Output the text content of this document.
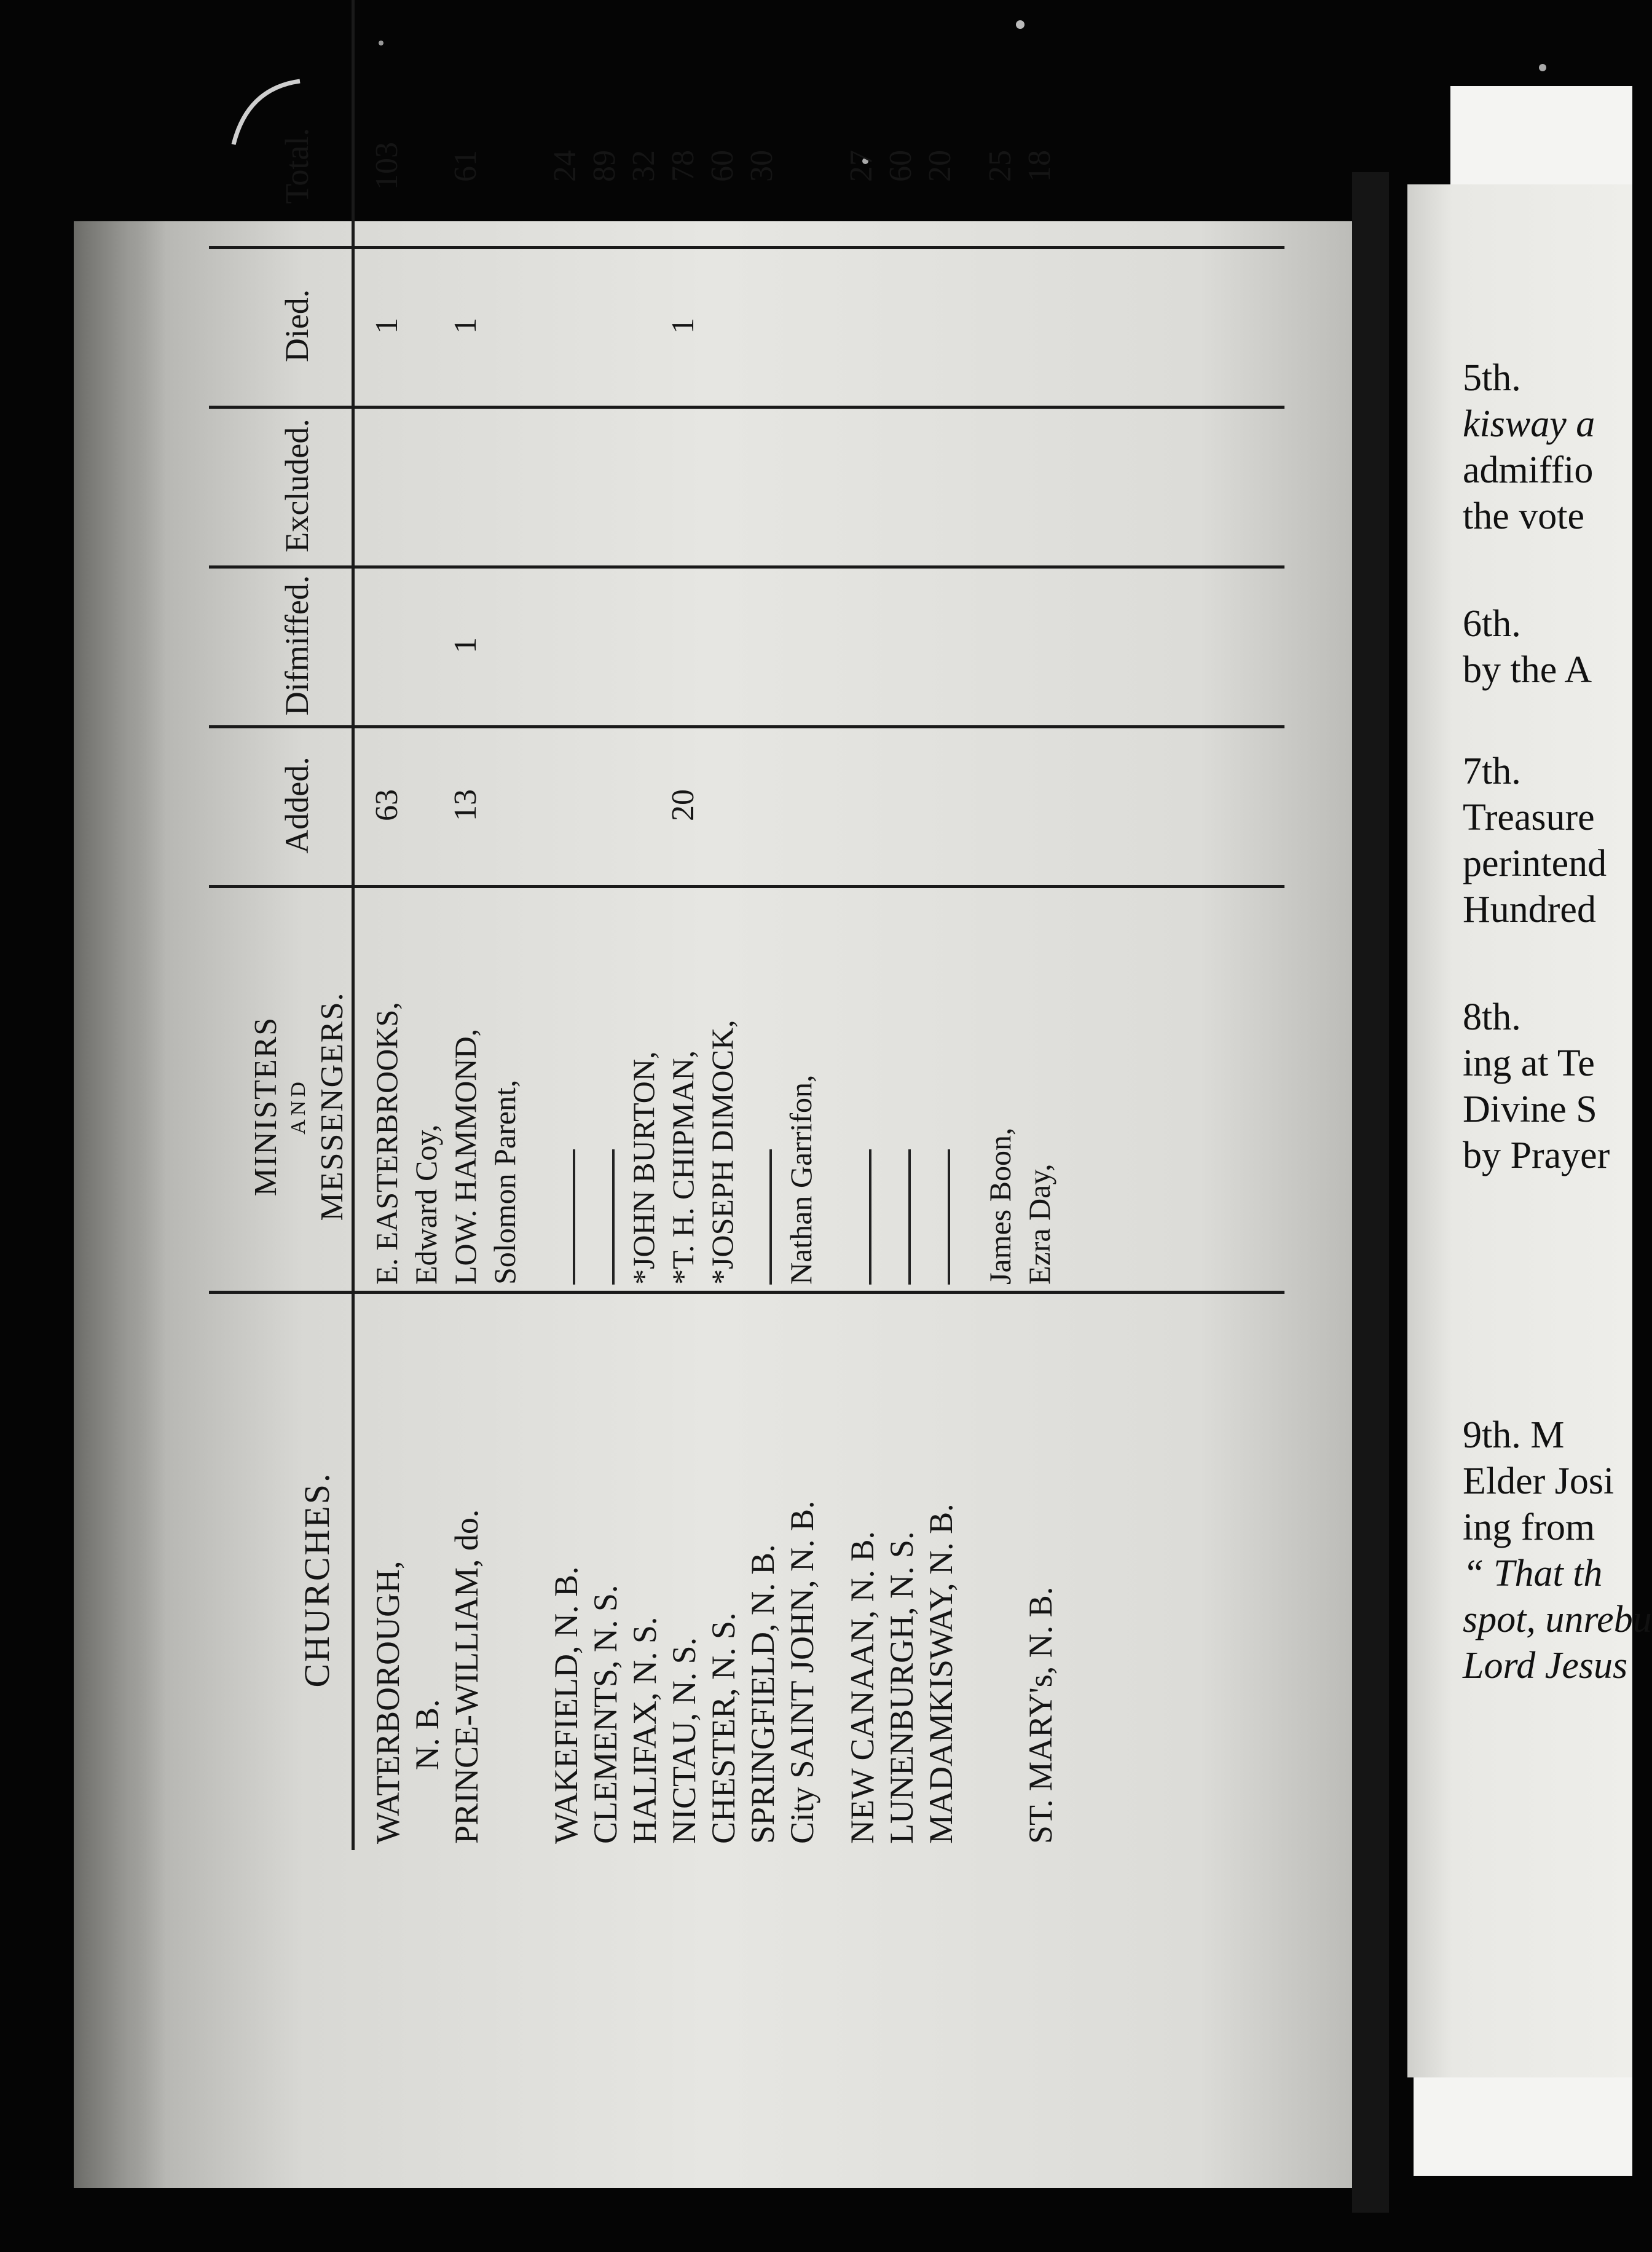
CHURCHES.
MINISTERS AND MESSENGERS.
Added.
Difmiffed.
Excluded.
Died.
Total.
WATERBOROUGH,
E. EASTERBROOKS,
63
1
103
N. B.
Edward Coy,
PRINCE-WILLIAM, do.
LOW. HAMMOND,
13
1
1
61
Solomon Parent,
WAKEFIELD, N. B.
24
CLEMENTS, N. S.
89
HALIFAX, N. S.
*JOHN BURTON,
32
NICTAU, N. S.
*T. H. CHIPMAN,
20
1
78
CHESTER, N. S.
*JOSEPH DIMOCK,
60
SPRINGFIELD, N. B.
30
City SAINT JOHN, N. B.
Nathan Garrifon,
NEW CANAAN, N. B.
27
LUNENBURGH, N. S.
60
MADAMKISWAY, N. B.
20
James Boon,
25
ST. MARY's, N. B.
Ezra Day,
18
5th.
kisway a
admiffio
the vote
6th.
by the A
7th.
Treasure
perintend
Hundred
8th.
ing at Te
Divine S
by Prayer
9th. M
Elder Josi
ing from
“ That th
spot, unrebu
Lord Jesus
